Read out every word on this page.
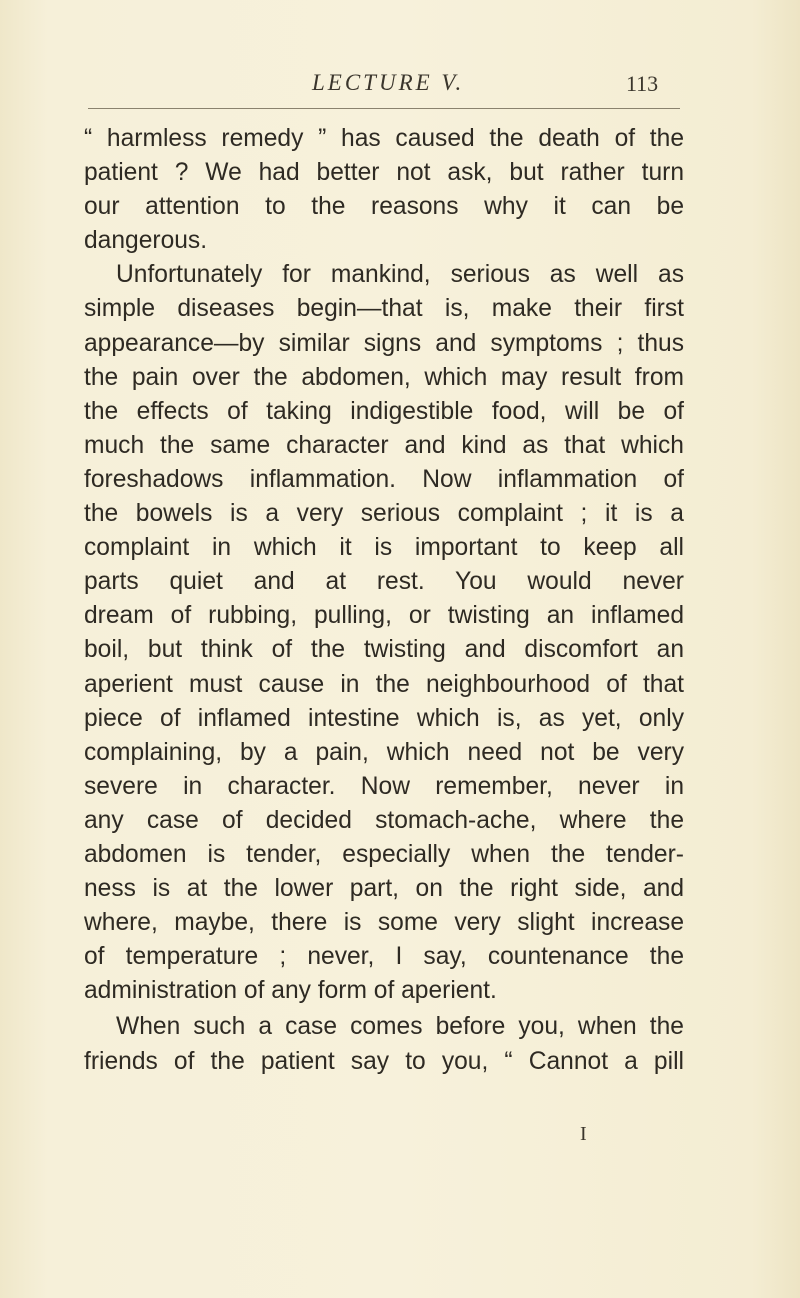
LECTURE V.	113
“ harmless remedy ” has caused the death of the
patient ? We had better not ask, but rather turn
our attention to the reasons why it can be
dangerous.
Unfortunately for mankind, serious as well as
simple diseases begin—that is, make their first
appearance—by similar signs and symptoms ; thus
the pain over the abdomen, which may result from
the effects of taking indigestible food, will be of
much the same character and kind as that which
foreshadows inflammation. Now inflammation of
the bowels is a very serious complaint ; it is a
complaint in which it is important to keep all
parts quiet and at rest. You would never
dream of rubbing, pulling, or twisting an inflamed
boil, but think of the twisting and discomfort an
aperient must cause in the neighbourhood of that
piece of inflamed intestine which is, as yet, only
complaining, by a pain, which need not be very
severe in character. Now remember, never in
any case of decided stomach-ache, where the
abdomen is tender, especially when the tender-
ness is at the lower part, on the right side, and
where, maybe, there is some very slight increase
of temperature ; never, I say, countenance the
administration of any form of aperient.
When such a case comes before you, when the
friends of the patient say to you, “ Cannot a pill
I
